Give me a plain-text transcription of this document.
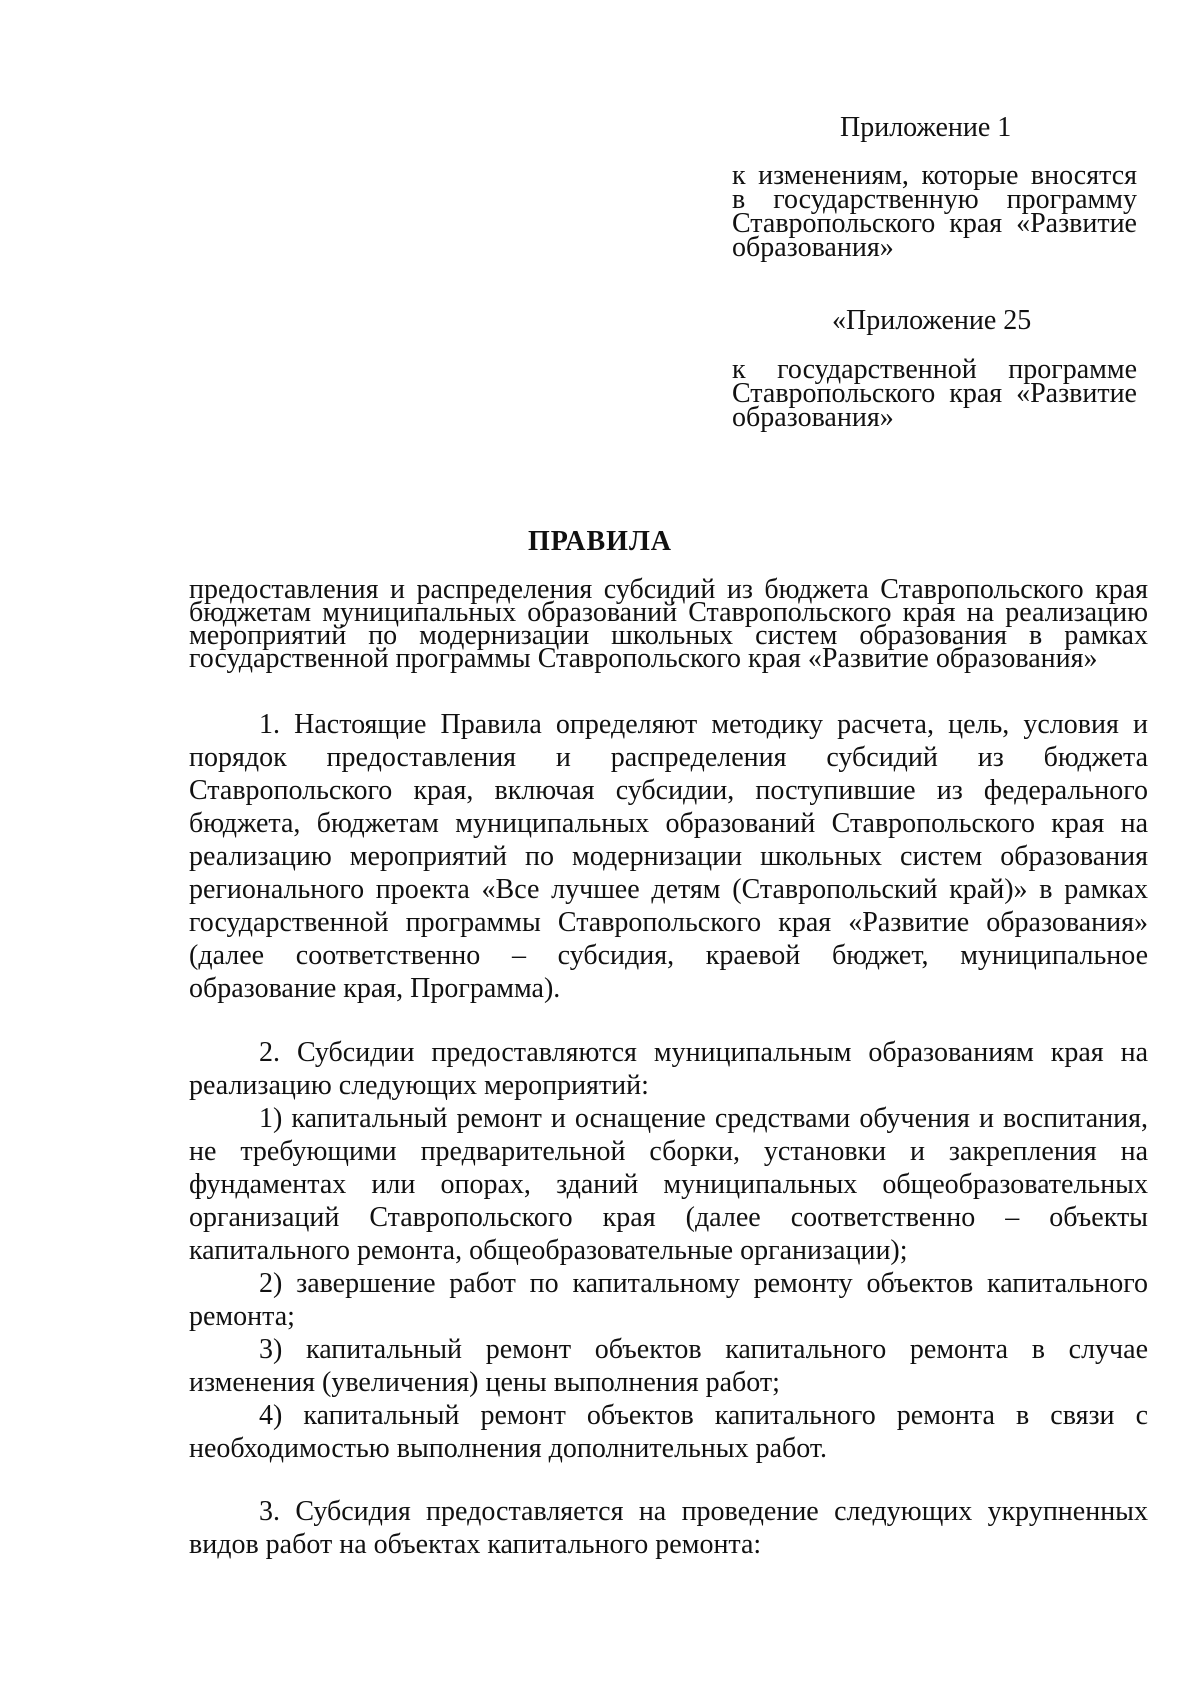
Приложение 1

к изменениям, которые вносятся в государственную программу Ставропольского края «Развитие образования»

«Приложение 25

к государственной программе Ставропольского края «Развитие образования»

ПРАВИЛА

предоставления и распределения субсидий из бюджета Ставропольского края бюджетам муниципальных образований Ставропольского края на реализацию мероприятий по модернизации школьных систем образования в рамках государственной программы Ставропольского края «Развитие образования»

1. Настоящие Правила определяют методику расчета, цель, условия и порядок предоставления и распределения субсидий из бюджета Ставропольского края, включая субсидии, поступившие из федерального бюджета, бюджетам муниципальных образований Ставропольского края на реализацию мероприятий по модернизации школьных систем образования регионального проекта «Все лучшее детям (Ставропольский край)» в рамках государственной программы Ставропольского края «Развитие образования» (далее соответственно – субсидия, краевой бюджет, муниципальное образование края, Программа).

2. Субсидии предоставляются муниципальным образованиям края на реализацию следующих мероприятий:

1) капитальный ремонт и оснащение средствами обучения и воспитания, не требующими предварительной сборки, установки и закрепления на фундаментах или опорах, зданий муниципальных общеобразовательных организаций Ставропольского края (далее соответственно – объекты капитального ремонта, общеобразовательные организации);

2) завершение работ по капитальному ремонту объектов капитального ремонта;

3) капитальный ремонт объектов капитального ремонта в случае изменения (увеличения) цены выполнения работ;

4) капитальный ремонт объектов капитального ремонта в связи с необходимостью выполнения дополнительных работ.

3. Субсидия предоставляется на проведение следующих укрупненных видов работ на объектах капитального ремонта:
